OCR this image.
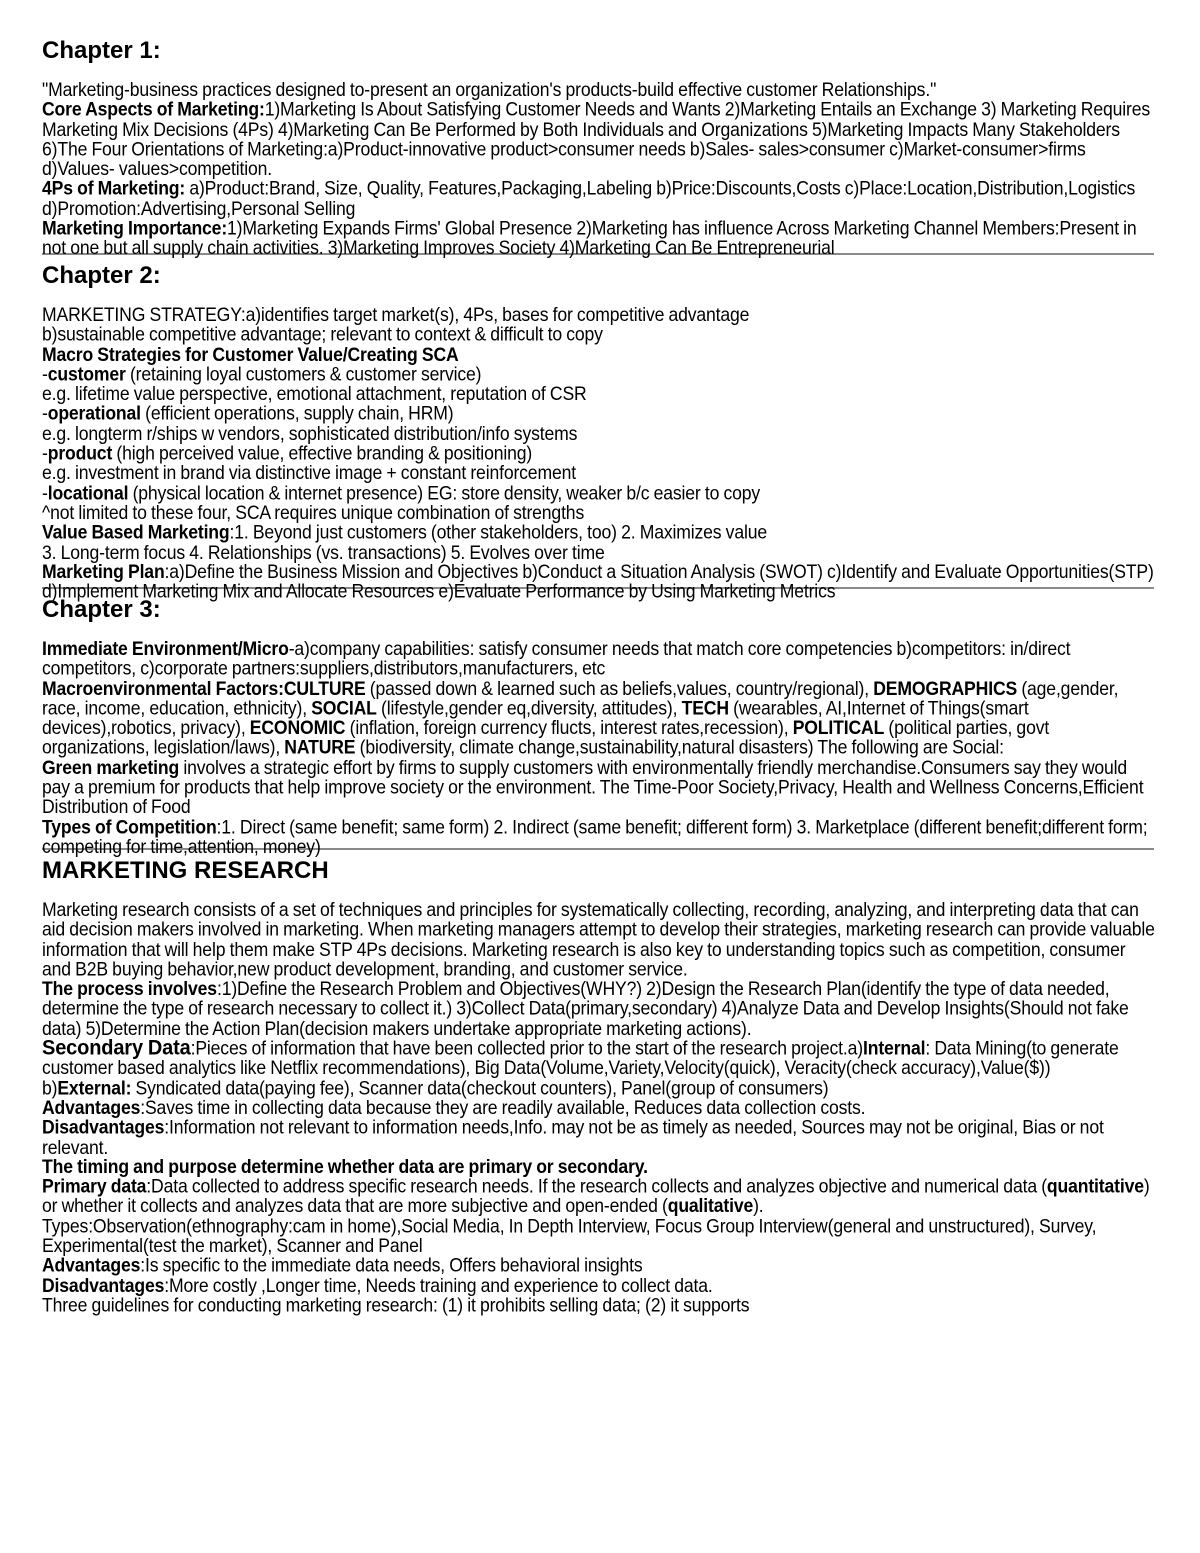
Chapter 1:

"Marketing-business practices designed to-present an organization's products-build effective customer Relationships."

Core Aspects of Marketing:1)Marketing Is About Satisfying Customer Needs and Wants 2)Marketing Entails an Exchange 3) Marketing Requires Marketing Mix Decisions (4Ps) 4)Marketing Can Be Performed by Both Individuals and Organizations 5)Marketing Impacts Many Stakeholders 6)The Four Orientations of Marketing:a)Product-innovative product>consumer needs b)Sales- sales>consumer c)Market-consumer>firms d)Values- values>competition.

4Ps of Marketing: a)Product:Brand, Size, Quality, Features,Packaging,Labeling b)Price:Discounts,Costs c)Place:Location,Distribution,Logistics d)Promotion:Advertising,Personal Selling

Marketing Importance:1)Marketing Expands Firms' Global Presence 2)Marketing has influence Across Marketing Channel Members:Present in not one but all supply chain activities. 3)Marketing Improves Society 4)Marketing Can Be Entrepreneurial

Chapter 2:

MARKETING STRATEGY:a)identifies target market(s), 4Ps, bases for competitive advantage

b)sustainable competitive advantage; relevant to context & difficult to copy

Macro Strategies for Customer Value/Creating SCA

-customer (retaining loyal customers & customer service)

e.g. lifetime value perspective, emotional attachment, reputation of CSR

-operational (efficient operations, supply chain, HRM)

e.g. longterm r/ships w vendors, sophisticated distribution/info systems

-product (high perceived value, effective branding & positioning)

e.g. investment in brand via distinctive image + constant reinforcement

-locational (physical location & internet presence) EG: store density, weaker b/c easier to copy

^not limited to these four, SCA requires unique combination of strengths

Value Based Marketing:1. Beyond just customers (other stakeholders, too) 2. Maximizes value

3. Long-term focus 4. Relationships (vs. transactions) 5. Evolves over time

Marketing Plan:a)Define the Business Mission and Objectives b)Conduct a Situation Analysis (SWOT) c)Identify and Evaluate Opportunities(STP) d)Implement Marketing Mix and Allocate Resources e)Evaluate Performance by Using Marketing Metrics

Chapter 3:

Immediate Environment/Micro-a)company capabilities: satisfy consumer needs that match core competencies b)competitors: in/direct competitors, c)corporate partners:suppliers,distributors,manufacturers, etc

Macroenvironmental Factors:CULTURE (passed down & learned such as beliefs,values, country/regional), DEMOGRAPHICS (age,gender, race, income, education, ethnicity), SOCIAL (lifestyle,gender eq,diversity, attitudes), TECH (wearables, AI,Internet of Things(smart devices),robotics, privacy), ECONOMIC (inflation, foreign currency flucts, interest rates,recession), POLITICAL (political parties, govt organizations, legislation/laws), NATURE (biodiversity, climate change,sustainability,natural disasters) The following are Social:

Green marketing involves a strategic effort by firms to supply customers with environmentally friendly merchandise.Consumers say they would pay a premium for products that help improve society or the environment. The Time-Poor Society,Privacy, Health and Wellness Concerns,Efficient Distribution of Food

Types of Competition:1. Direct (same benefit; same form) 2. Indirect (same benefit; different form) 3. Marketplace (different benefit;different form; competing for time,attention, money)

MARKETING RESEARCH

Marketing research consists of a set of techniques and principles for systematically collecting, recording, analyzing, and interpreting data that can aid decision makers involved in marketing. When marketing managers attempt to develop their strategies, marketing research can provide valuable information that will help them make STP 4Ps decisions. Marketing research is also key to understanding topics such as competition, consumer and B2B buying behavior,new product development, branding, and customer service.

The process involves:1)Define the Research Problem and Objectives(WHY?) 2)Design the Research Plan(identify the type of data needed, determine the type of research necessary to collect it.) 3)Collect Data(primary,secondary) 4)Analyze Data and Develop Insights(Should not fake data) 5)Determine the Action Plan(decision makers undertake appropriate marketing actions).

Secondary Data:Pieces of information that have been collected prior to the start of the research project.a)Internal: Data Mining(to generate customer based analytics like Netflix recommendations), Big Data(Volume,Variety,Velocity(quick), Veracity(check accuracy),Value($))

b)External: Syndicated data(paying fee), Scanner data(checkout counters), Panel(group of consumers)

Advantages:Saves time in collecting data because they are readily available, Reduces data collection costs.

Disadvantages:Information not relevant to information needs,Info. may not be as timely as needed, Sources may not be original, Bias or not relevant.

The timing and purpose determine whether data are primary or secondary.

Primary data:Data collected to address specific research needs. If the research collects and analyzes objective and numerical data (quantitative) or whether it collects and analyzes data that are more subjective and open-ended (qualitative).

Types:Observation(ethnography:cam in home),Social Media, In Depth Interview, Focus Group Interview(general and unstructured), Survey, Experimental(test the market), Scanner and Panel

Advantages:Is specific to the immediate data needs, Offers behavioral insights

Disadvantages:More costly ,Longer time, Needs training and experience to collect data.

Three guidelines for conducting marketing research: (1) it prohibits selling data; (2) it supports
